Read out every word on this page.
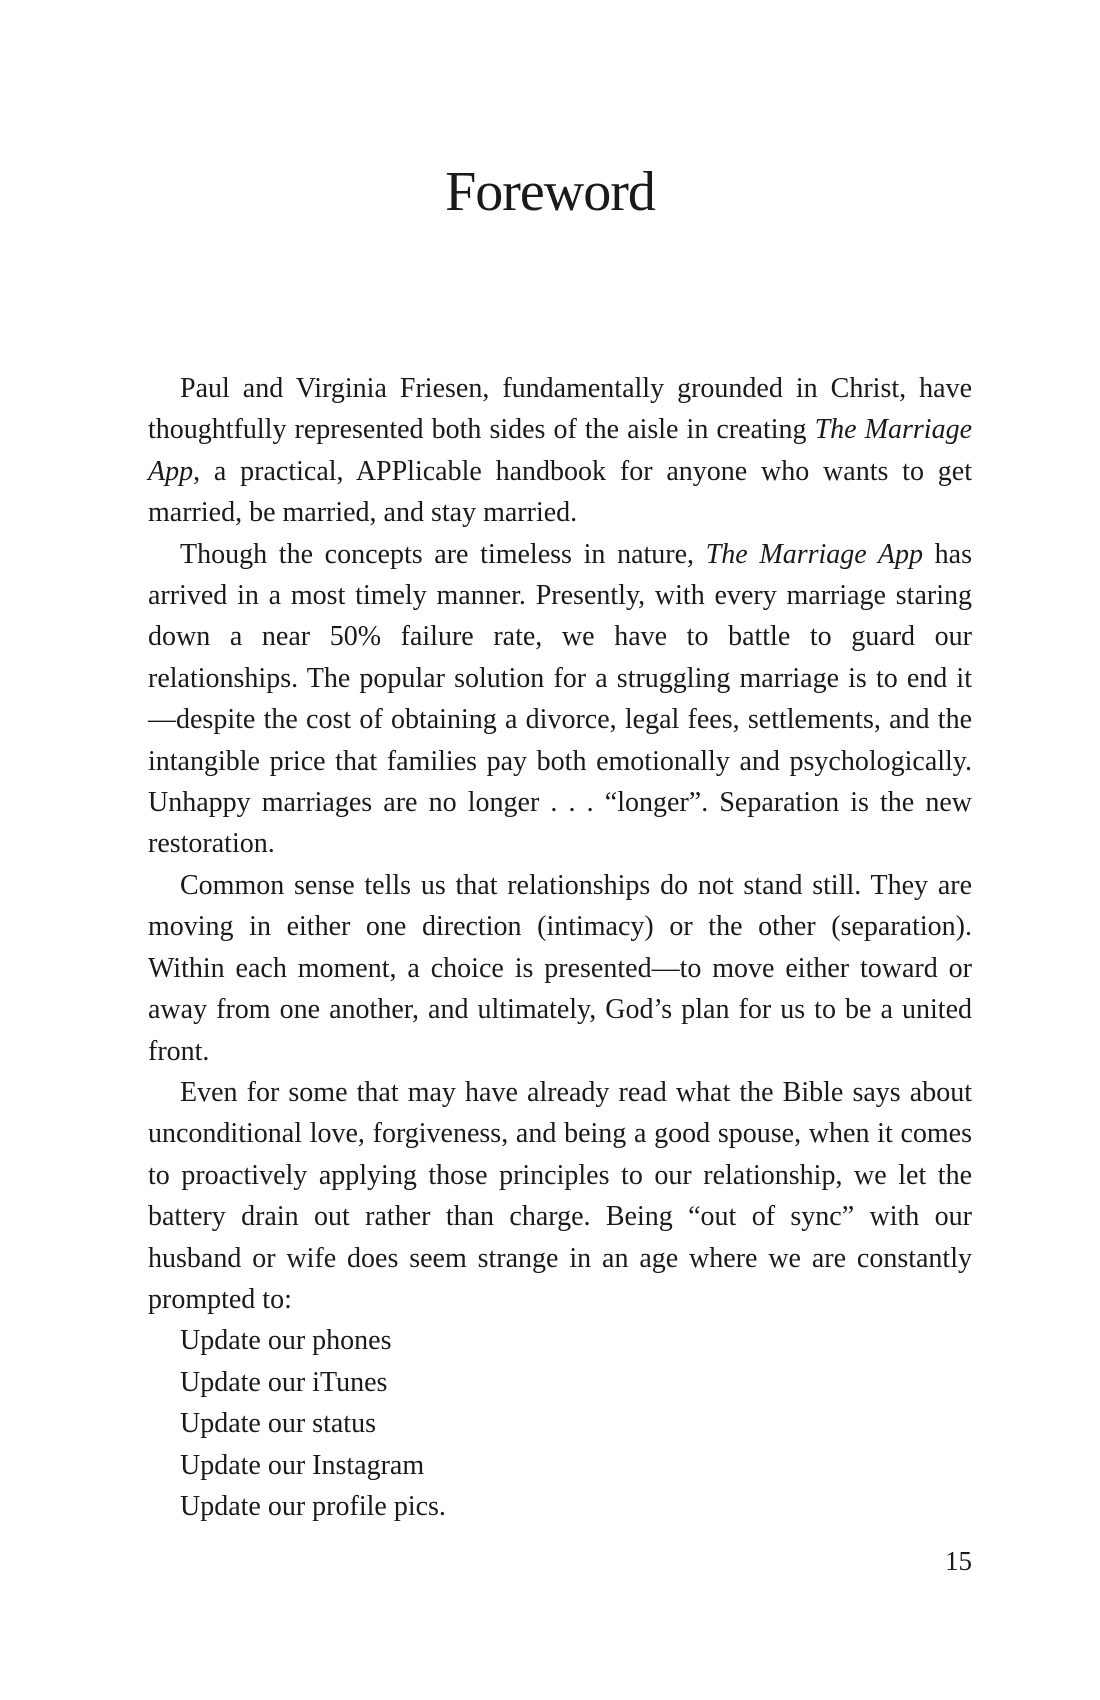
Foreword

Paul and Virginia Friesen, fundamentally grounded in Christ, have thoughtfully represented both sides of the aisle in creating The Marriage App, a practical, APPlicable handbook for anyone who wants to get married, be married, and stay married.

Though the concepts are timeless in nature, The Marriage App has arrived in a most timely manner. Presently, with every marriage staring down a near 50% failure rate, we have to battle to guard our relationships. The popular solution for a struggling marriage is to end it—despite the cost of obtaining a divorce, legal fees, settlements, and the intangible price that families pay both emotionally and psychologically. Unhappy marriages are no longer . . . “longer”. Separation is the new restoration.

Common sense tells us that relationships do not stand still. They are moving in either one direction (intimacy) or the other (separation). Within each moment, a choice is presented—to move either toward or away from one another, and ultimately, God’s plan for us to be a united front.

Even for some that may have already read what the Bible says about unconditional love, forgiveness, and being a good spouse, when it comes to proactively applying those principles to our relationship, we let the battery drain out rather than charge. Being “out of sync” with our husband or wife does seem strange in an age where we are constantly prompted to:

Update our phones
Update our iTunes
Update our status
Update our Instagram
Update our profile pics.
15
